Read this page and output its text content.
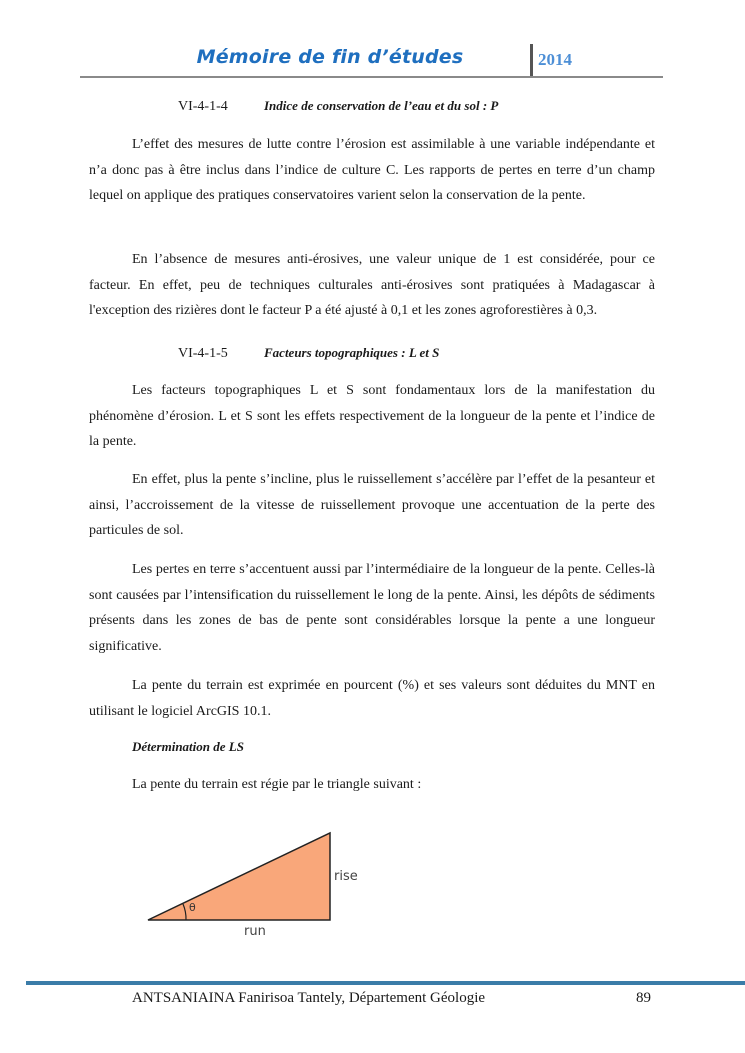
Mémoire de fin d’études	2014
VI-4-1-4	Indice de conservation de l’eau et du sol : P

L’effet des mesures de lutte contre l’érosion est assimilable à une variable indépendante et n’a donc pas à être inclus dans l’indice de culture C. Les rapports de pertes en terre d’un champ lequel on applique des pratiques conservatoires varient selon la conservation de la pente.

En l’absence de mesures anti-érosives, une valeur unique de 1 est considérée, pour ce facteur. En effet, peu de techniques culturales anti-érosives sont pratiquées à Madagascar à l'exception des rizières dont le facteur P a été ajusté à 0,1 et les zones agroforestières à 0,3.

VI-4-1-5	Facteurs topographiques : L et S

Les facteurs topographiques L et S sont fondamentaux lors de la manifestation du phénomène d’érosion. L et S sont les effets respectivement de la longueur de la pente et l’indice de la pente.

En effet, plus la pente s’incline, plus le ruissellement s’accélère par l’effet de la pesanteur et ainsi, l’accroissement de la vitesse de ruissellement provoque une accentuation de la perte des particules de sol.

Les pertes en terre s’accentuent aussi par l’intermédiaire de la longueur de la pente. Celles-là sont causées par l’intensification du ruissellement le long de la pente. Ainsi, les dépôts de sédiments présents dans les zones de bas de pente sont considérables lorsque la pente a une longueur significative.

La pente du terrain est exprimée en pourcent (%) et ses valeurs sont déduites du MNT en utilisant le logiciel ArcGIS 10.1.

Détermination de LS
La pente du terrain est régie par le triangle suivant :
θ
rise
run
ANTSANIAINA Fanirisoa Tantely, Département Géologie	89
